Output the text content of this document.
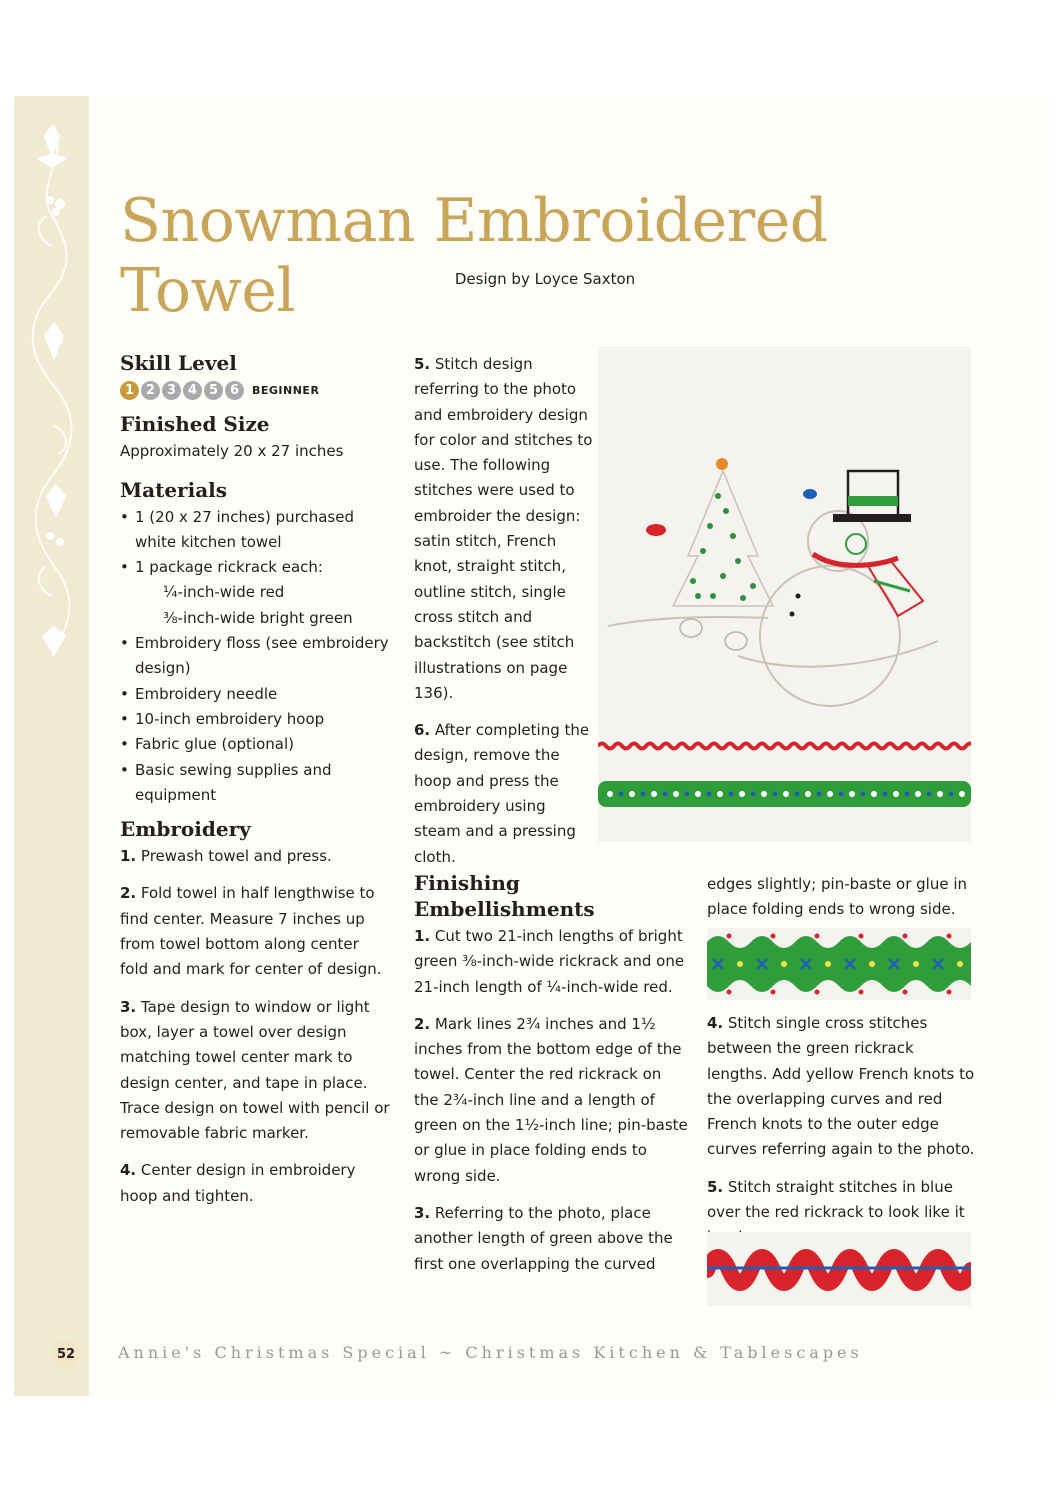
Snowman Embroidered Towel	Design by Loyce Saxton
Skill Level
1 2 3 4 5 6	BEGINNER
Finished Size

Approximately 20 x 27 inches

Materials
• 1 (20 x 27 inches) purchased white kitchen towel
• 1 package rickrack each:
¼-inch-wide red
⅜-inch-wide bright green
• Embroidery floss (see embroidery design)
• Embroidery needle
• 10-inch embroidery hoop
• Fabric glue (optional)
• Basic sewing supplies and equipment
Embroidery

1. Prewash towel and press.

2. Fold towel in half lengthwise to find center. Measure 7 inches up from towel bottom along center fold and mark for center of design.

3. Tape design to window or light box, layer a towel over design matching towel center mark to design center, and tape in place. Trace design on towel with pencil or removable fabric marker.

4. Center design in embroidery hoop and tighten.

5. Stitch design referring to the photo and embroidery design for color and stitches to use. The following stitches were used to embroider the design: satin stitch, French knot, straight stitch, outline stitch, single cross stitch and backstitch (see stitch illustrations on page 136).

6. After completing the design, remove the hoop and press the embroidery using steam and a pressing cloth.

Finishing Embellishments

1. Cut two 21-inch lengths of bright green ⅜-inch-wide rickrack and one 21-inch length of ¼-inch-wide red.

2. Mark lines 2¾ inches and 1½ inches from the bottom edge of the towel. Center the red rickrack on the 2¾-inch line and a length of green on the 1½-inch line; pin-baste or glue in place folding ends to wrong side.

3. Referring to the photo, place another length of green above the first one overlapping the curved

edges slightly; pin-baste or glue in place folding ends to wrong side.

4. Stitch single cross stitches between the green rickrack lengths. Add yellow French knots to the overlapping curves and red French knots to the outer edge curves referring again to the photo.

5. Stitch straight stitches in blue over the red rickrack to look like it

52	Annie's Christmas Special ~ Christmas Kitchen & Tablescapes
